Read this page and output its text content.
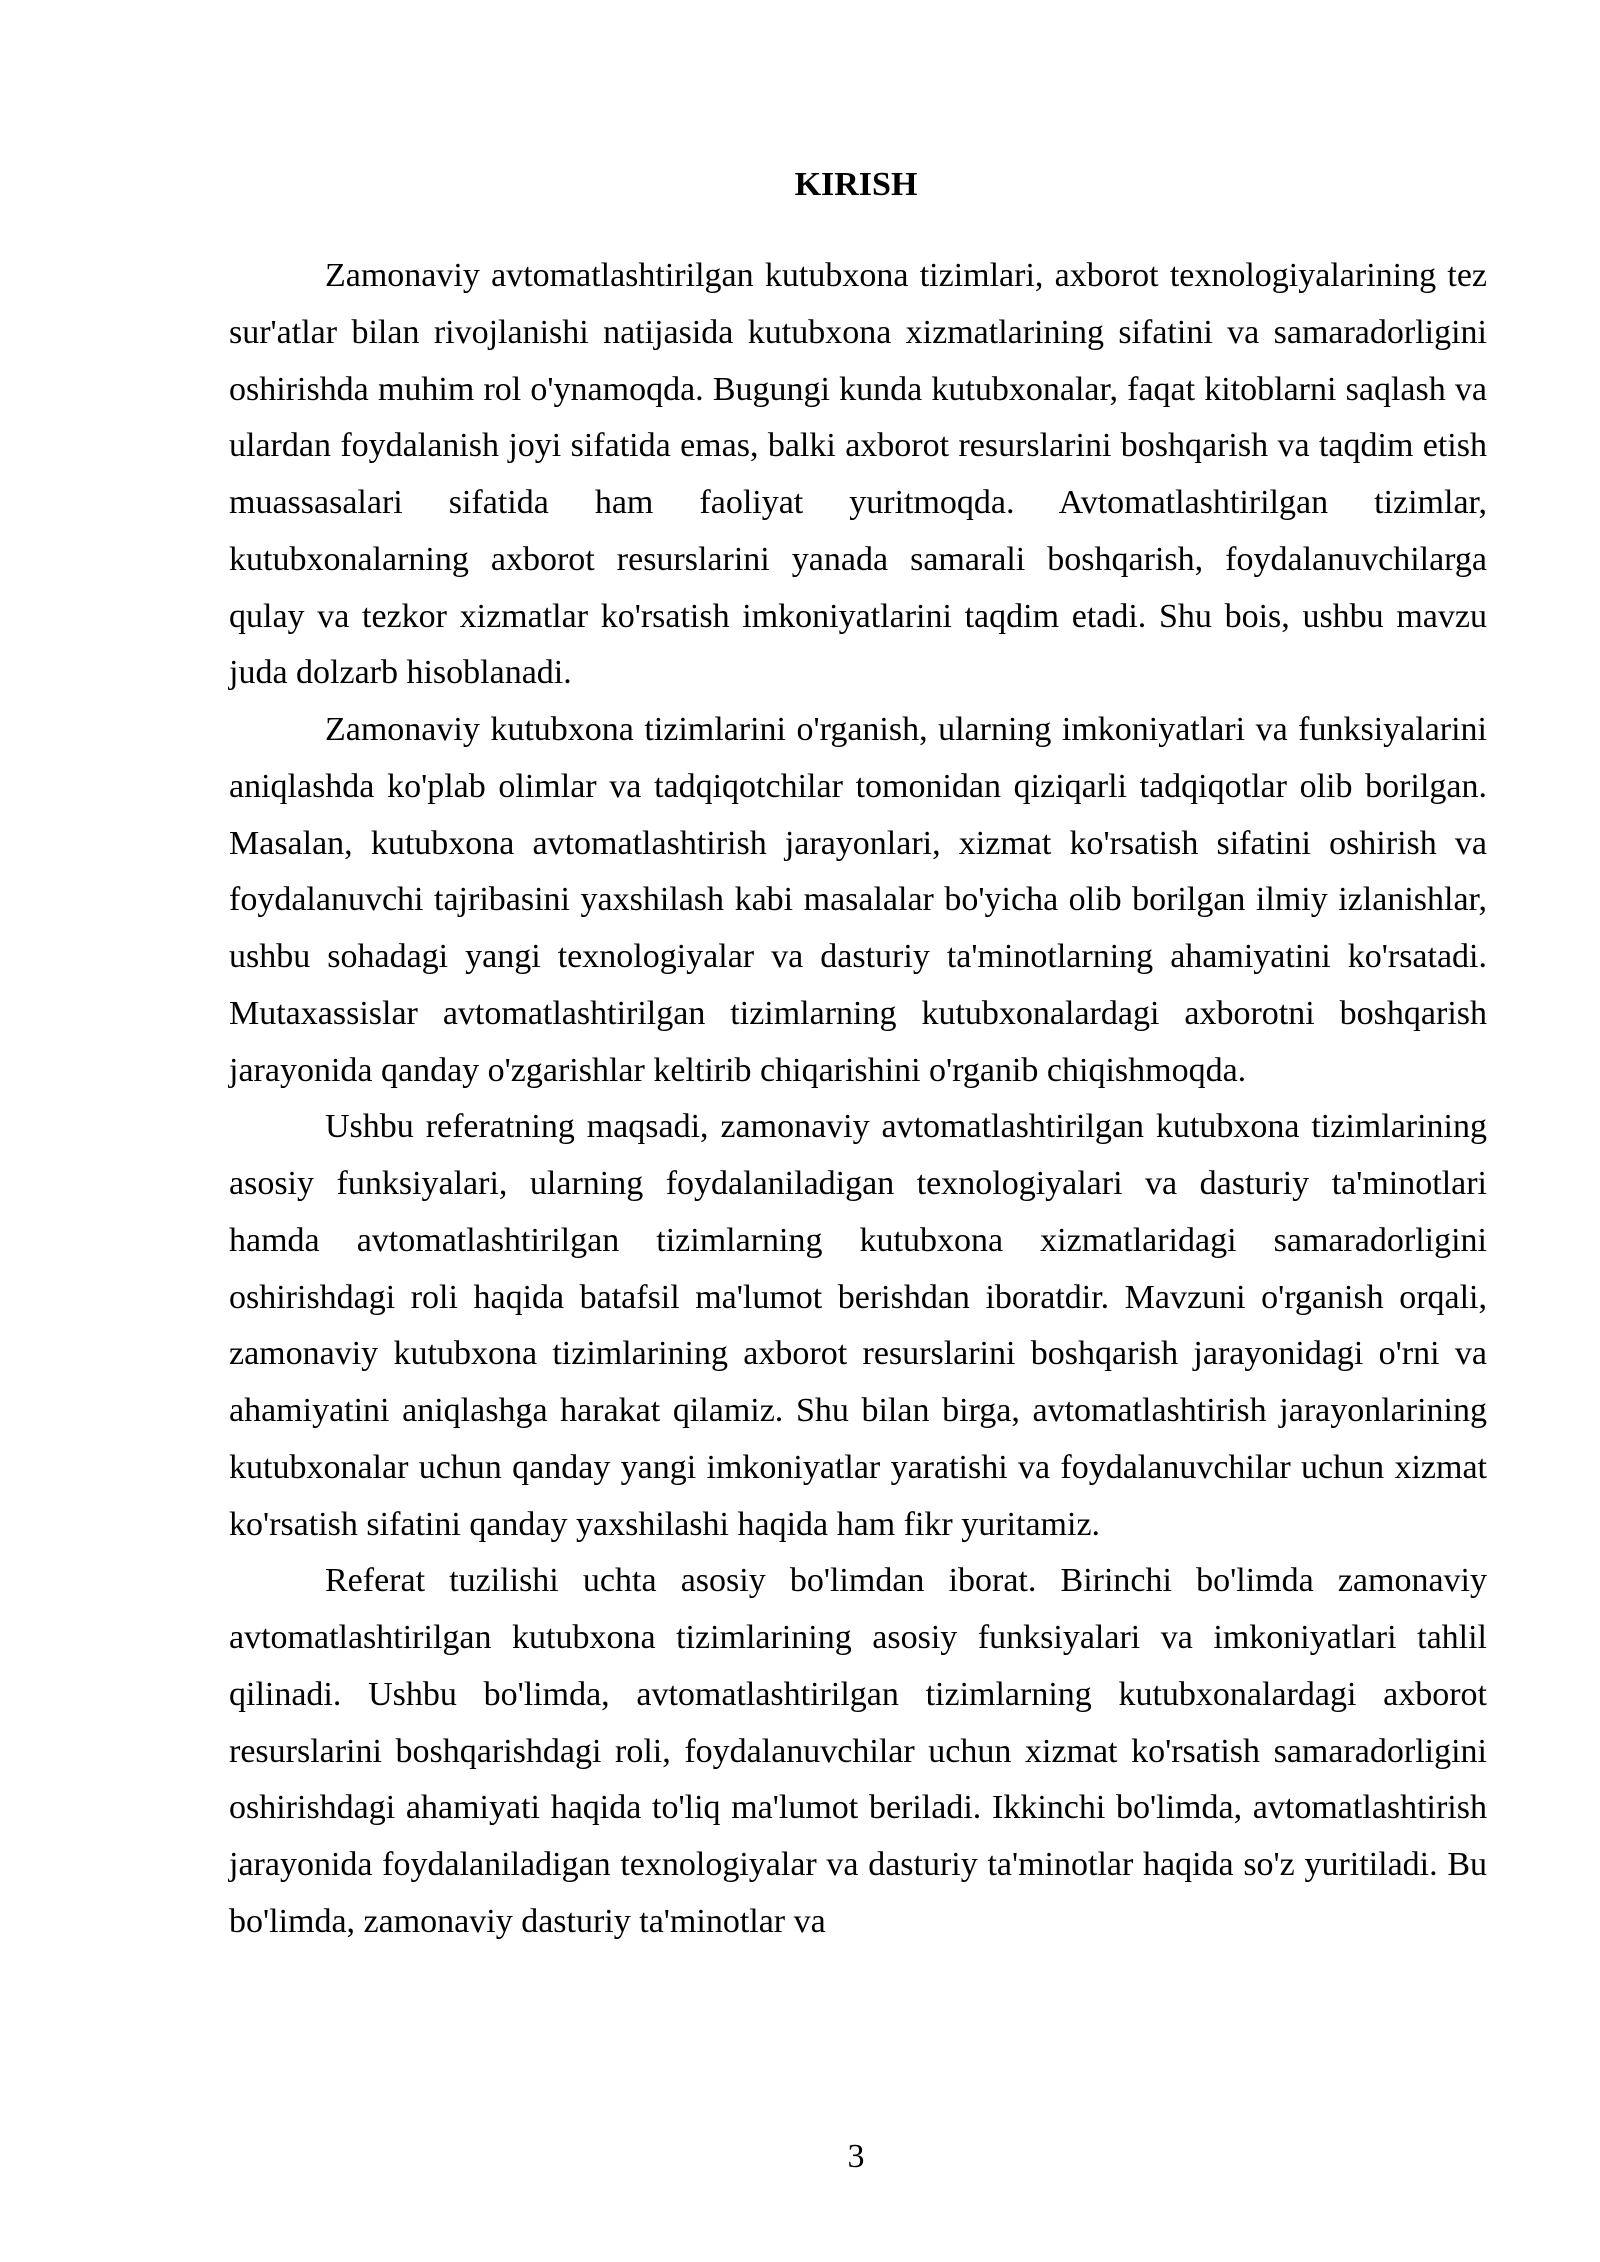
KIRISH

Zamonaviy avtomatlashtirilgan kutubxona tizimlari, axborot texnologiyalarining tez sur'atlar bilan rivojlanishi natijasida kutubxona xizmatlarining sifatini va samaradorligini oshirishda muhim rol o'ynamoqda. Bugungi kunda kutubxonalar, faqat kitoblarni saqlash va ulardan foydalanish joyi sifatida emas, balki axborot resurslarini boshqarish va taqdim etish muassasalari sifatida ham faoliyat yuritmoqda. Avtomatlashtirilgan tizimlar, kutubxonalarning axborot resurslarini yanada samarali boshqarish, foydalanuvchilarga qulay va tezkor xizmatlar ko'rsatish imkoniyatlarini taqdim etadi. Shu bois, ushbu mavzu juda dolzarb hisoblanadi.

Zamonaviy kutubxona tizimlarini o'rganish, ularning imkoniyatlari va funksiyalarini aniqlashda ko'plab olimlar va tadqiqotchilar tomonidan qiziqarli tadqiqotlar olib borilgan. Masalan, kutubxona avtomatlashtirish jarayonlari, xizmat ko'rsatish sifatini oshirish va foydalanuvchi tajribasini yaxshilash kabi masalalar bo'yicha olib borilgan ilmiy izlanishlar, ushbu sohadagi yangi texnologiyalar va dasturiy ta'minotlarning ahamiyatini ko'rsatadi. Mutaxassislar avtomatlashtirilgan tizimlarning kutubxonalardagi axborotni boshqarish jarayonida qanday o'zgarishlar keltirib chiqarishini o'rganib chiqishmoqda.

Ushbu referatning maqsadi, zamonaviy avtomatlashtirilgan kutubxona tizimlarining asosiy funksiyalari, ularning foydalaniladigan texnologiyalari va dasturiy ta'minotlari hamda avtomatlashtirilgan tizimlarning kutubxona xizmatlaridagi samaradorligini oshirishdagi roli haqida batafsil ma'lumot berishdan iboratdir. Mavzuni o'rganish orqali, zamonaviy kutubxona tizimlarining axborot resurslarini boshqarish jarayonidagi o'rni va ahamiyatini aniqlashga harakat qilamiz. Shu bilan birga, avtomatlashtirish jarayonlarining kutubxonalar uchun qanday yangi imkoniyatlar yaratishi va foydalanuvchilar uchun xizmat ko'rsatish sifatini qanday yaxshilashi haqida ham fikr yuritamiz.

Referat tuzilishi uchta asosiy bo'limdan iborat. Birinchi bo'limda zamonaviy avtomatlashtirilgan kutubxona tizimlarining asosiy funksiyalari va imkoniyatlari tahlil qilinadi. Ushbu bo'limda, avtomatlashtirilgan tizimlarning kutubxonalardagi axborot resurslarini boshqarishdagi roli, foydalanuvchilar uchun xizmat ko'rsatish samaradorligini oshirishdagi ahamiyati haqida to'liq ma'lumot beriladi. Ikkinchi bo'limda, avtomatlashtirish jarayonida foydalaniladigan texnologiyalar va dasturiy ta'minotlar haqida so'z yuritiladi. Bu bo'limda, zamonaviy dasturiy ta'minotlar va

3
